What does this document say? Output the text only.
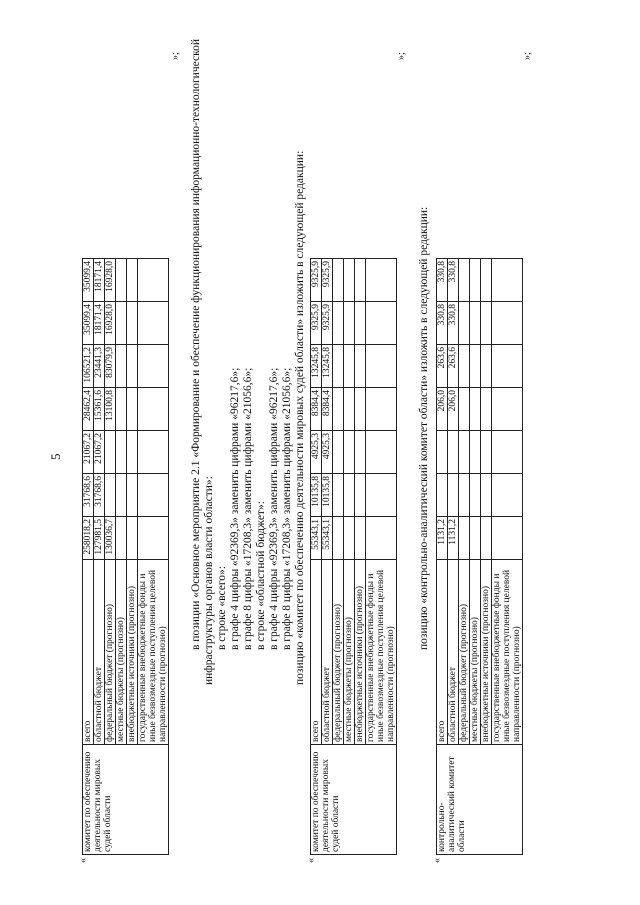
5
«
комитет по обеспечению деятельности мировых судей области	всего	258018,2	31768,6	21067,2	28462,4	106521,2	35099,4	35099,4
	областной бюджет	127981,5	31768,6	21067,2	15361,6	23441,3	18171,4	18171,4
	федеральный бюджет (прогнозно)	130036,7			13100,8	83079,9	16928,0	16928,0
	местные бюджеты (прогнозно)							
	внебюджетные источники (прогнозно)							
	государственные внебюджетные фонды и иные безвозмездные поступления целевой направленности (прогнозно)							
»; в позиции «Основное мероприятие 2.1 «Формирование и обеспечение функционирования информационно-технологической инфраструктуры органов власти области»: в строке «всего»: в графе 4 цифры «92369,3» заменить цифрами «96217,6»; в графе 8 цифры «17208,3» заменить цифрами «21056,6»; в строке «областной бюджет»: в графе 4 цифры «92369,3» заменить цифрами «96217,6»; в графе 8 цифры «17208,3» заменить цифрами «21056,6»; позицию «комитет по обеспечению деятельности мировых судей области» изложить в следующей редакции:
«
комитет по обеспечению деятельности мировых судей области	всего	55343,1	10135,8	4925,3	8384,4	13245,8	9325,9	9325,9
	областной бюджет	55343,1	10135,8	4925,3	8384,4	13245,8	9325,9	9325,9
	федеральный бюджет (прогнозно)							
	местные бюджеты (прогнозно)							
	внебюджетные источники (прогнозно)							
	государственные внебюджетные фонды и иные безвозмездные поступления целевой направленности (прогнозно)							
»;
позицию «контрольно-аналитический комитет области» изложить в следующей редакции:
«
контрольно-аналитический комитет области	всего	1131,2			206,0	263,6	330,8	330,8
	областной бюджет	1131,2			206,0	263,6	330,8	330,8
	федеральный бюджет (прогнозно)							
	местные бюджеты (прогнозно)							
	внебюджетные источники (прогнозно)							
	государственные внебюджетные фонды и иные безвозмездные поступления целевой направленности (прогнозно)							
»;
